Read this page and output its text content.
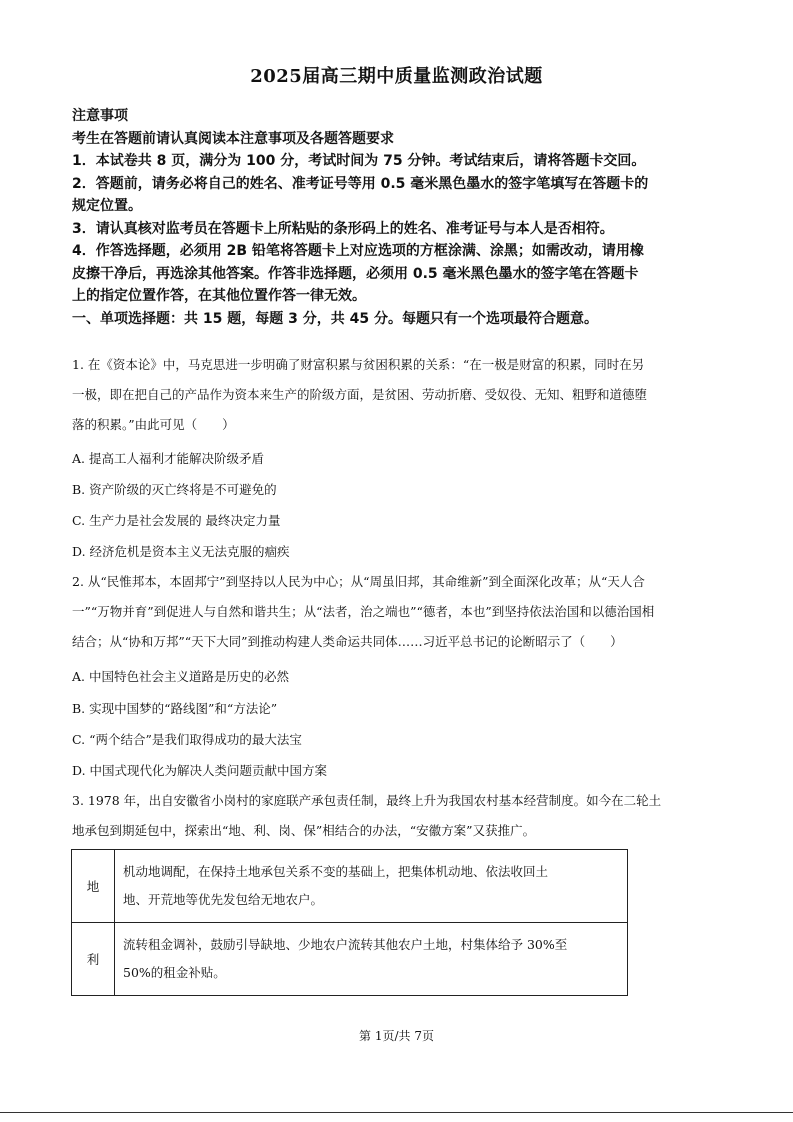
2025届高三期中质量监测政治试题
注意事项
考生在答题前请认真阅读本注意事项及各题答题要求
1．本试卷共 8 页，满分为 100 分，考试时间为 75 分钟。考试结束后，请将答题卡交回。
2．答题前，请务必将自己的姓名、准考证号等用 0.5 毫米黑色墨水的签字笔填写在答题卡的
规定位置。
3．请认真核对监考员在答题卡上所粘贴的条形码上的姓名、准考证号与本人是否相符。
4．作答选择题，必须用 2B 铅笔将答题卡上对应选项的方框涂满、涂黑；如需改动，请用橡
皮擦干净后，再选涂其他答案。作答非选择题，必须用 0.5 毫米黑色墨水的签字笔在答题卡
上的指定位置作答，在其他位置作答一律无效。
一、单项选择题：共 15 题，每题 3 分，共 45 分。每题只有一个选项最符合题意。
1. 在《资本论》中，马克思进一步明确了财富积累与贫困积累的关系：“在一极是财富的积累，同时在另
一极，即在把自己的产品作为资本来生产的阶级方面，是贫困、劳动折磨、受奴役、无知、粗野和道德堕
落的积累。”由此可见（　　）
A. 提高工人福利才能解决阶级矛盾
B. 资产阶级的灭亡终将是不可避免的
C. 生产力是社会发展的 最终决定力量
D. 经济危机是资本主义无法克服的痼疾
2. 从“民惟邦本，本固邦宁”到坚持以人民为中心；从“周虽旧邦，其命维新”到全面深化改革；从“天人合
一”“万物并育”到促进人与自然和谐共生；从“法者，治之端也”“德者，本也”到坚持依法治国和以德治国相
结合；从“协和万邦”“天下大同”到推动构建人类命运共同体……习近平总书记的论断昭示了（　　）
A. 中国特色社会主义道路是历史的必然
B. 实现中国梦的“路线图”和“方法论”
C. “两个结合”是我们取得成功的最大法宝
D. 中国式现代化为解决人类问题贡献中国方案
3. 1978 年，出自安徽省小岗村的家庭联产承包责任制，最终上升为我国农村基本经营制度。如今在二轮土
地承包到期延包中，探索出“地、利、岗、保”相结合的办法，“安徽方案”又获推广。
地	机动地调配，在保持土地承包关系不变的基础上，把集体机动地、依法收回土
地、开荒地等优先发包给无地农户。

利	流转租金调补，鼓励引导缺地、少地农户流转其他农户土地，村集体给予 30%至
50%的租金补贴。
第 1页/共 7页
